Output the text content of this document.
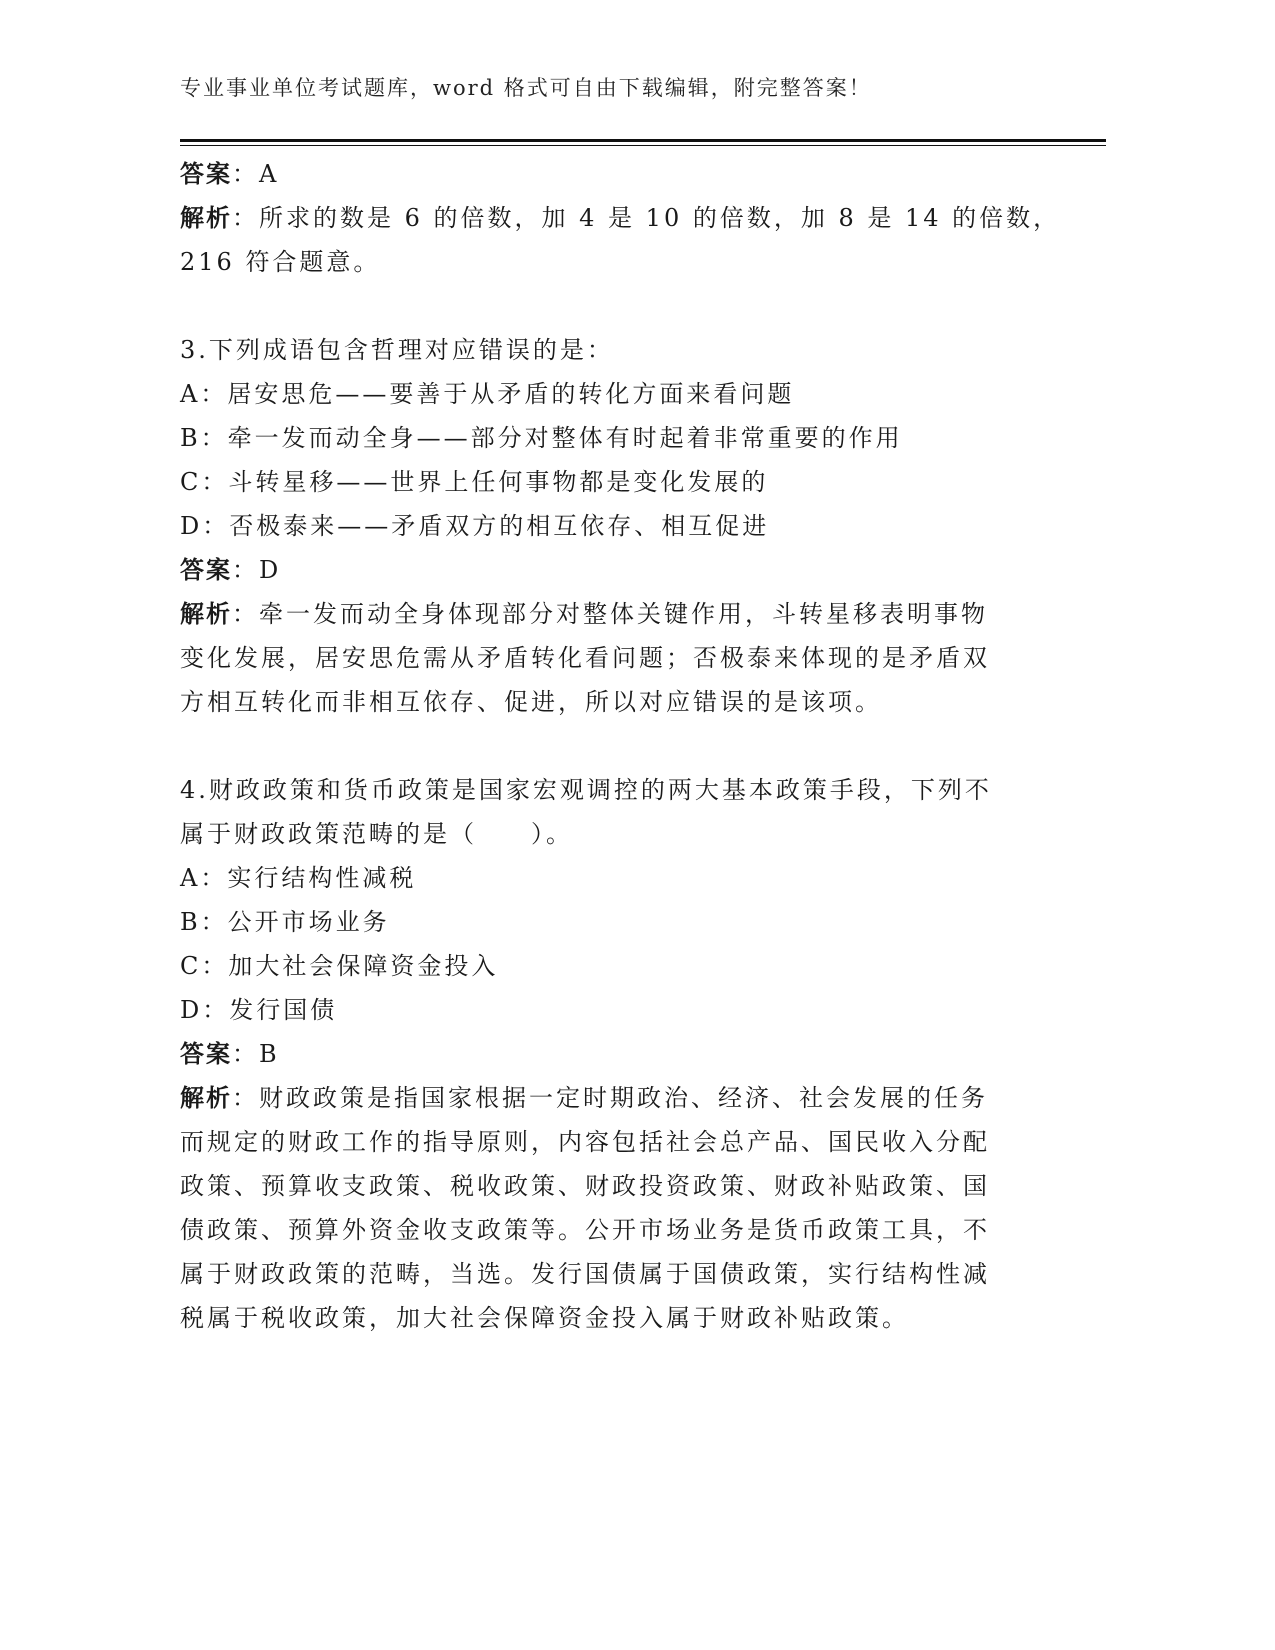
专业事业单位考试题库，word 格式可自由下载编辑，附完整答案！
答案：A
解析：所求的数是 6 的倍数，加 4 是 10 的倍数，加 8 是 14 的倍数，
216 符合题意。
3.下列成语包含哲理对应错误的是：
A：居安思危——要善于从矛盾的转化方面来看问题
B：牵一发而动全身——部分对整体有时起着非常重要的作用
C：斗转星移——世界上任何事物都是变化发展的
D：否极泰来——矛盾双方的相互依存、相互促进
答案：D
解析：牵一发而动全身体现部分对整体关键作用，斗转星移表明事物
变化发展，居安思危需从矛盾转化看问题；否极泰来体现的是矛盾双
方相互转化而非相互依存、促进，所以对应错误的是该项。
4.财政政策和货币政策是国家宏观调控的两大基本政策手段，下列不
属于财政政策范畴的是（　　）。
A：实行结构性减税
B：公开市场业务
C：加大社会保障资金投入
D：发行国债
答案：B
解析：财政政策是指国家根据一定时期政治、经济、社会发展的任务
而规定的财政工作的指导原则，内容包括社会总产品、国民收入分配
政策、预算收支政策、税收政策、财政投资政策、财政补贴政策、国
债政策、预算外资金收支政策等。公开市场业务是货币政策工具，不
属于财政政策的范畴，当选。发行国债属于国债政策，实行结构性减
税属于税收政策，加大社会保障资金投入属于财政补贴政策。
